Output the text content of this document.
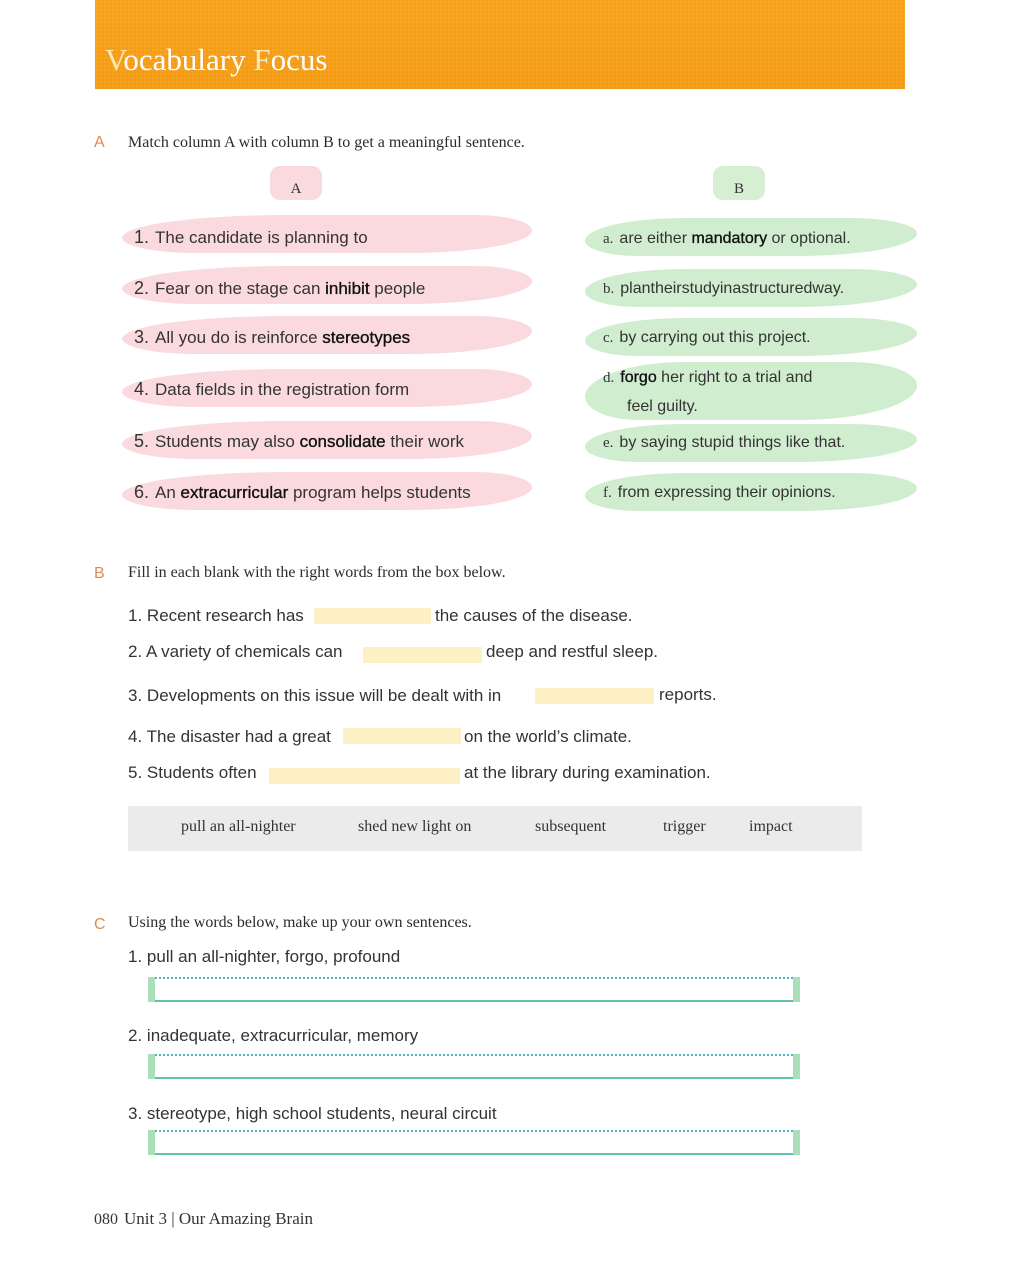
Vocabulary Focus
A Match column A with column B to get a meaningful sentence.
A	B
1. The candidate is planning to
2. Fear on the stage can inhibit people
3. All you do is reinforce stereotypes
4. Data fields in the registration form
5. Students may also consolidate their work
6. An extracurricular program helps students
a. are either mandatory or optional.
b. plantheirstudyinastructuredway.
c. by carrying out this project.
d. forgo her right to a trial and
feel guilty.
e. by saying stupid things like that.
f. from expressing their opinions.
B Fill in each blank with the right words from the box below.
1. Recent research has	the causes of the disease.
2. A variety of chemicals can	deep and restful sleep.
3. Developments on this issue will be dealt with in	reports.
4. The disaster had a great	on the world’s climate.
5. Students often	at the library during examination.
pull an all-nighter	shed new light on	subsequent	trigger	impact
C Using the words below, make up your own sentences.
1. pull an all-nighter, forgo, profound
2. inadequate, extracurricular, memory
3. stereotype, high school students, neural circuit
080 Unit 3 | Our Amazing Brain
